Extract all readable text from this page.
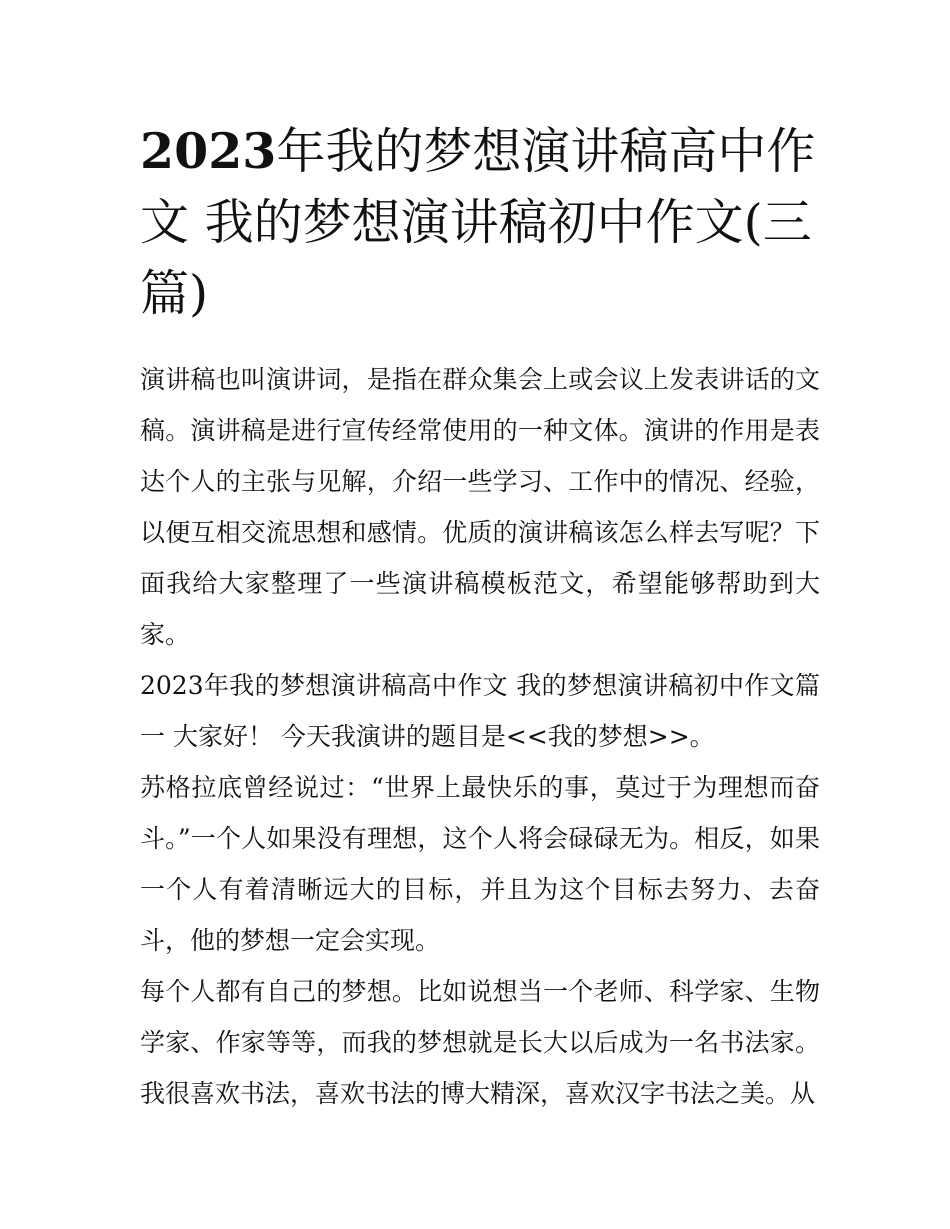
2023年我的梦想演讲稿高中作文 我的梦想演讲稿初中作文(三篇)

演讲稿也叫演讲词，是指在群众集会上或会议上发表讲话的文稿。演讲稿是进行宣传经常使用的一种文体。演讲的作用是表达个人的主张与见解，介绍一些学习、工作中的情况、经验，以便互相交流思想和感情。优质的演讲稿该怎么样去写呢？下面我给大家整理了一些演讲稿模板范文，希望能够帮助到大家。

2023年我的梦想演讲稿高中作文 我的梦想演讲稿初中作文篇一 大家好！ 今天我演讲的题目是<<我的梦想>>。

苏格拉底曾经说过：“世界上最快乐的事，莫过于为理想而奋斗。”一个人如果没有理想，这个人将会碌碌无为。相反，如果一个人有着清晰远大的目标，并且为这个目标去努力、去奋斗，他的梦想一定会实现。

每个人都有自己的梦想。比如说想当一个老师、科学家、生物学家、作家等等，而我的梦想就是长大以后成为一名书法家。我很喜欢书法，喜欢书法的博大精深，喜欢汉字书法之美。从
